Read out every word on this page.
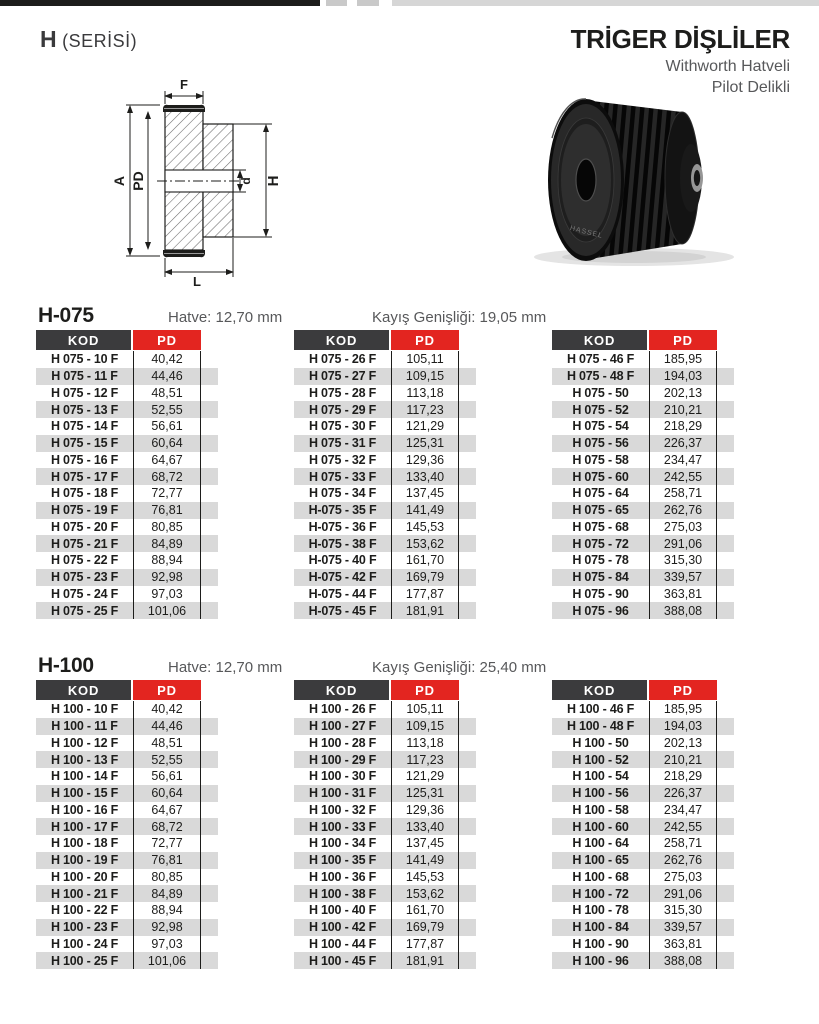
H (SERİSİ)	TRİGER DİŞLİLER
Withworth Hatveli
Pilot Delikli
F
A PD	d H
L
HASSEL
H-075	Hatve: 12,70 mm	Kayış Genişliği: 19,05 mm
KOD	PD
H 075 - 10 F	40,42
H 075 - 11 F	44,46
H 075 - 12 F	48,51
H 075 - 13 F	52,55
H 075 - 14 F	56,61
H 075 - 15 F	60,64
H 075 - 16 F	64,67
H 075 - 17 F	68,72
H 075 - 18 F	72,77
H 075 - 19 F	76,81
H 075 - 20 F	80,85
H 075 - 21 F	84,89
H 075 - 22 F	88,94
H 075 - 23 F	92,98
H 075 - 24 F	97,03
H 075 - 25 F	101,06
KOD	PD
H 075 - 26 F	105,11
H 075 - 27 F	109,15
H 075 - 28 F	113,18
H 075 - 29 F	117,23
H 075 - 30 F	121,29
H 075 - 31 F	125,31
H 075 - 32 F	129,36
H 075 - 33 F	133,40
H 075 - 34 F	137,45
H-075 - 35 F	141,49
H-075 - 36 F	145,53
H-075 - 38 F	153,62
H-075 - 40 F	161,70
H-075 - 42 F	169,79
H-075 - 44 F	177,87
H-075 - 45 F	181,91
KOD	PD
H 075 - 46 F	185,95
H 075 - 48 F	194,03
H 075 - 50	202,13
H 075 - 52	210,21
H 075 - 54	218,29
H 075 - 56	226,37
H 075 - 58	234,47
H 075 - 60	242,55
H 075 - 64	258,71
H 075 - 65	262,76
H 075 - 68	275,03
H 075 - 72	291,06
H 075 - 78	315,30
H 075 - 84	339,57
H 075 - 90	363,81
H 075 - 96	388,08
H-100	Hatve: 12,70 mm	Kayış Genişliği: 25,40 mm
KOD	PD
H 100 - 10 F	40,42
H 100 - 11 F	44,46
H 100 - 12 F	48,51
H 100 - 13 F	52,55
H 100 - 14 F	56,61
H 100 - 15 F	60,64
H 100 - 16 F	64,67
H 100 - 17 F	68,72
H 100 - 18 F	72,77
H 100 - 19 F	76,81
H 100 - 20 F	80,85
H 100 - 21 F	84,89
H 100 - 22 F	88,94
H 100 - 23 F	92,98
H 100 - 24 F	97,03
H 100 - 25 F	101,06
KOD	PD
H 100 - 26 F	105,11
H 100 - 27 F	109,15
H 100 - 28 F	113,18
H 100 - 29 F	117,23
H 100 - 30 F	121,29
H 100 - 31 F	125,31
H 100 - 32 F	129,36
H 100 - 33 F	133,40
H 100 - 34 F	137,45
H 100 - 35 F	141,49
H 100 - 36 F	145,53
H 100 - 38 F	153,62
H 100 - 40 F	161,70
H 100 - 42 F	169,79
H 100 - 44 F	177,87
H 100 - 45 F	181,91
KOD	PD
H 100 - 46 F	185,95
H 100 - 48 F	194,03
H 100 - 50	202,13
H 100 - 52	210,21
H 100 - 54	218,29
H 100 - 56	226,37
H 100 - 58	234,47
H 100 - 60	242,55
H 100 - 64	258,71
H 100 - 65	262,76
H 100 - 68	275,03
H 100 - 72	291,06
H 100 - 78	315,30
H 100 - 84	339,57
H 100 - 90	363,81
H 100 - 96	388,08
